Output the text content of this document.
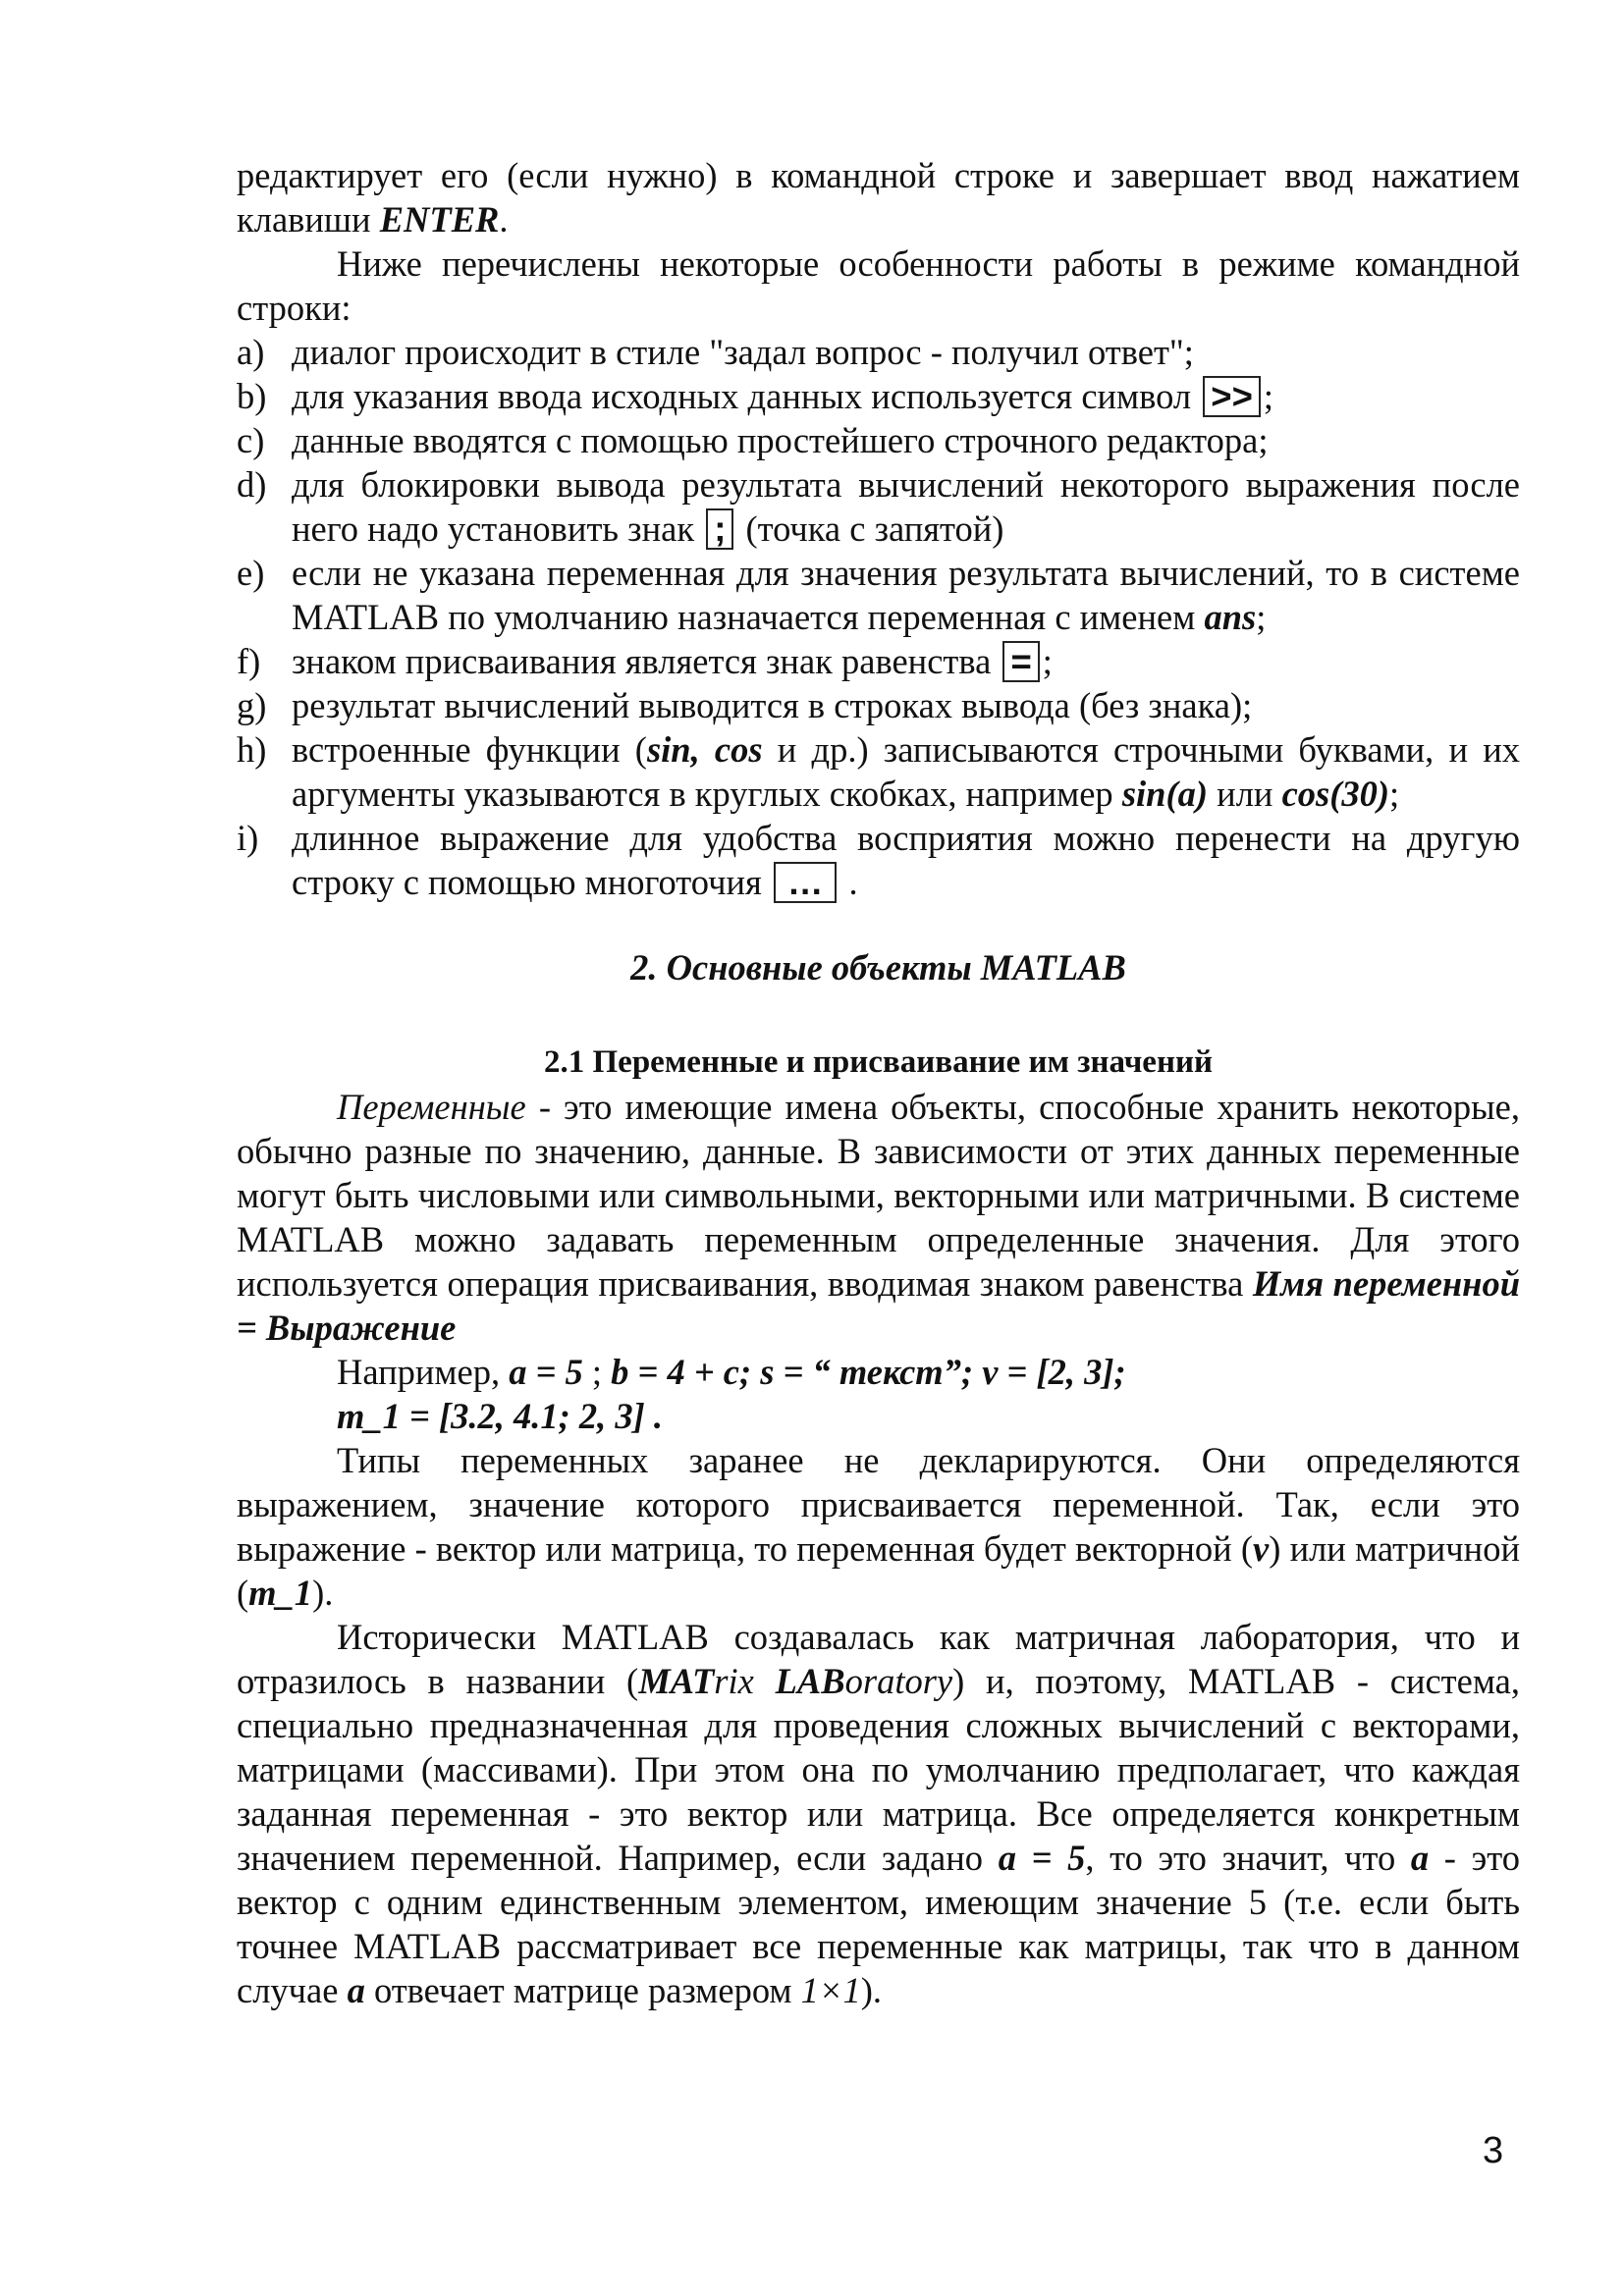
редактирует его (если нужно) в командной строке и завершает ввод нажатием клавиши ENTER.

Ниже перечислены некоторые особенности работы в режиме командной строки:

a) диалог происходит в стиле "задал вопрос - получил ответ";
b) для указания ввода исходных данных используется символ >> ;
c) данные вводятся с помощью простейшего строчного редактора;
d) для блокировки вывода результата вычислений некоторого выражения после него надо установить знак ; (точка с запятой)
e) если не указана переменная для значения результата вычислений, то в системе MATLAB по умолчанию назначается переменная с именем ans;
f) знаком присваивания является знак равенства = ;
g) результат вычислений выводится в строках вывода (без знака);
h) встроенные функции (sin, cos и др.) записываются строчными буквами, и их аргументы указываются в круглых скобках, например sin(a) или cos(30);
i) длинное выражение для удобства восприятия можно перенести на другую строку с помощью многоточия … .
2. Основные объекты MATLAB
2.1 Переменные и присваивание им значений

Переменные - это имеющие имена объекты, способные хранить некоторые, обычно разные по значению, данные. В зависимости от этих данных переменные могут быть числовыми или символьными, векторными или матричными. В системе MATLAB можно задавать переменным определенные значения. Для этого используется операция присваивания, вводимая знаком равенства Имя переменной = Выражение

Например, a = 5 ; b = 4 + c; s = “ текст”; v = [2, 3];

m_1 = [3.2, 4.1; 2, 3] .

Типы переменных заранее не декларируются. Они определяются выражением, значение которого присваивается переменной. Так, если это выражение - вектор или матрица, то переменная будет векторной (v) или матричной (m_1).

Исторически MATLAB создавалась как матричная лаборатория, что и отразилось в названии (MATrix LABoratory) и, поэтому, MATLAB - система, специально предназначенная для проведения сложных вычислений с векторами, матрицами (массивами). При этом она по умолчанию предполагает, что каждая заданная переменная - это вектор или матрица. Все определяется конкретным значением переменной. Например, если задано a = 5, то это значит, что a - это вектор с одним единственным элементом, имеющим значение 5 (т.е. если быть точнее MATLAB рассматривает все переменные как матрицы, так что в данном случае a отвечает матрице размером 1×1).

3
